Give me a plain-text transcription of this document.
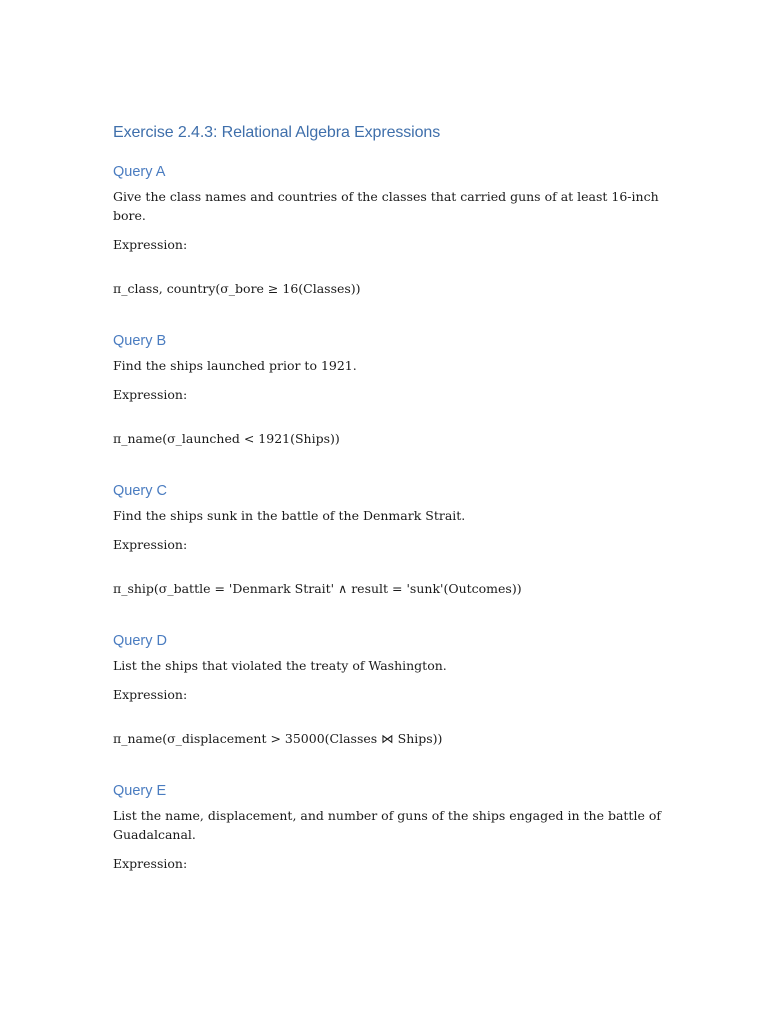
Exercise 2.4.3: Relational Algebra Expressions
Query A

Give the class names and countries of the classes that carried guns of at least 16-inch bore.

Expression:

π_class, country(σ_bore ≥ 16(Classes))

Query B

Find the ships launched prior to 1921.

Expression:

π_name(σ_launched < 1921(Ships))

Query C

Find the ships sunk in the battle of the Denmark Strait.

Expression:

π_ship(σ_battle = 'Denmark Strait' ∧ result = 'sunk'(Outcomes))

Query D

List the ships that violated the treaty of Washington.

Expression:

π_name(σ_displacement > 35000(Classes ⋈ Ships))

Query E

List the name, displacement, and number of guns of the ships engaged in the battle of Guadalcanal.

Expression:
